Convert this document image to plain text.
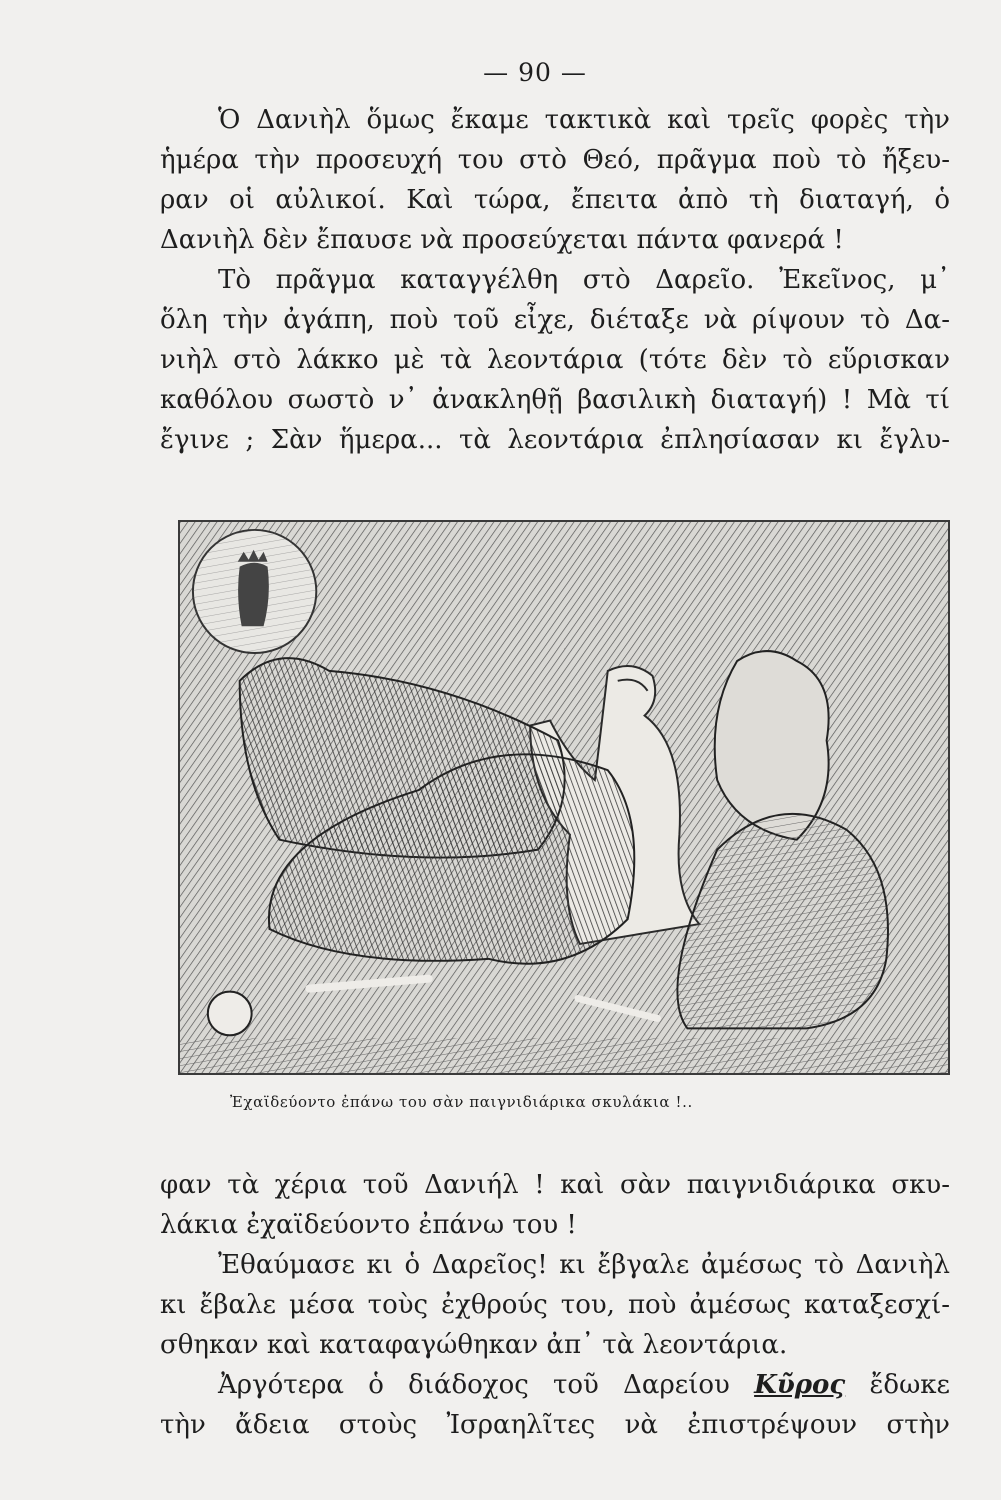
— 90 —
Ὁ Δανιὴλ ὅμως ἔκαμε τακτικὰ καὶ τρεῖς φορὲς τὴν
ἡμέρα τὴν προσευχή του στὸ Θεό, πρᾶγμα ποὺ τὸ ἤξευ-
ραν οἱ αὐλικοί. Καὶ τώρα, ἔπειτα ἀπὸ τὴ διαταγή, ὁ
Δανιὴλ δὲν ἔπαυσε νὰ προσεύχεται πάντα φανερά !
Τὸ πρᾶγμα καταγγέλθη στὸ Δαρεῖο. Ἐκεῖνος, μ᾽
ὅλη τὴν ἀγάπη, ποὺ τοῦ εἶχε, διέταξε νὰ ρίψουν τὸ Δα-
νιὴλ στὸ λάκκο μὲ τὰ λεοντάρια (τότε δὲν τὸ εὕρισκαν
καθόλου σωστὸ ν᾽ ἀνακληθῇ βασιλικὴ διαταγή) ! Μὰ τί
ἔγινε ; Σὰν ἥμερα... τὰ λεοντάρια ἐπλησίασαν κι ἔγλυ-
Ἐχαϊδεύοντο ἐπάνω του σὰν παιγνιδιάρικα σκυλάκια !..
φαν τὰ χέρια τοῦ Δανιήλ ! καὶ σὰν παιγνιδιάρικα σκυ-
λάκια ἐχαϊδεύοντο ἐπάνω του !
Ἐθαύμασε κι ὁ Δαρεῖος! κι ἔβγαλε ἀμέσως τὸ Δανιὴλ
κι ἔβαλε μέσα τοὺς ἐχθρούς του, ποὺ ἀμέσως καταξεσχί-
σθηκαν καὶ καταφαγώθηκαν ἀπ᾽ τὰ λεοντάρια.
Ἀργότερα ὁ διάδοχος τοῦ Δαρείου Κῦρος ἔδωκε
τὴν ἄδεια στοὺς Ἰσραηλῖτες νὰ ἐπιστρέψουν στὴν
